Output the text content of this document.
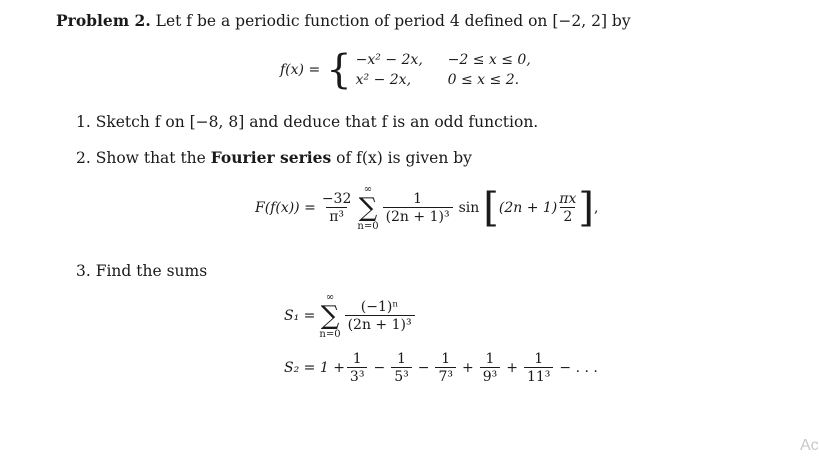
Problem 2. Let f be a periodic function of period 4 defined on [−2, 2] by
f(x) = { −x² − 2x,	−2 ≤ x ≤ 0,
x² − 2x,	0 ≤ x ≤ 2.
1. Sketch f on [−8, 8] and deduce that f is an odd function.
2. Show that the Fourier series of f(x) is given by
$F(f(x)) = \frac{-32}{\text{π³}}$
∞
∑
n=0
$\frac{1}{\text{(2n + 1)³}}$ sin [ $(2n + 1) \frac{\pi x}{2}$ ] ,
3. Find the sums
S₁ =
∞
∑
n=0
$\frac{\text{(−1)ⁿ}}{\text{(2n + 1)³}}$
$S_2 = 1 + \frac{1}{\text{3³}} - \frac{1}{\text{5³}} - \frac{1}{\text{7³}} + \frac{1}{\text{9³}} + \frac{1}{\text{11³}}$ − . . .
Ac
